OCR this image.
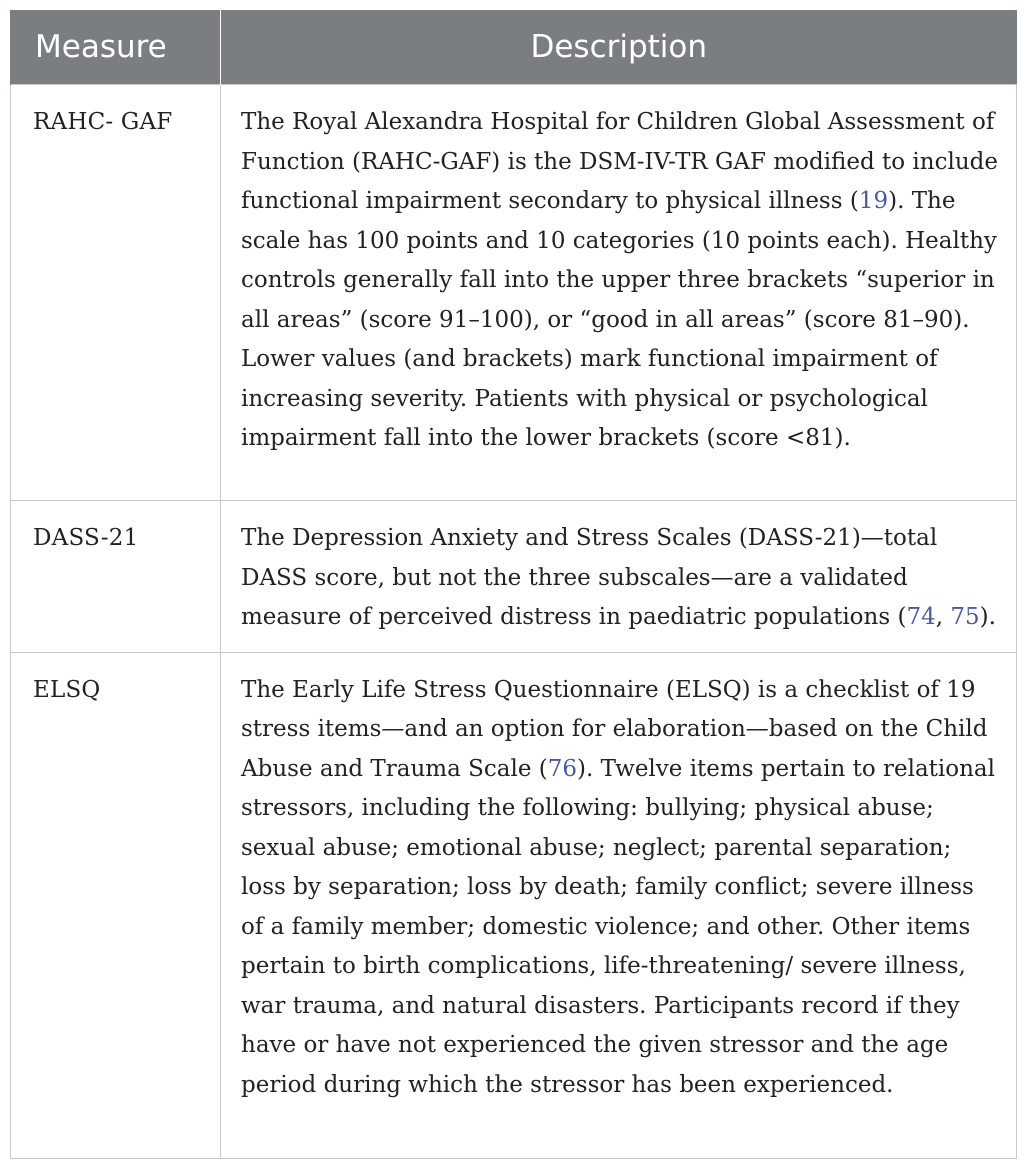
Measure	Description
RAHC- GAF	The Royal Alexandra Hospital for Children Global Assessment of Function (RAHC-GAF) is the DSM-IV-TR GAF modified to include functional impairment secondary to physical illness (19). The scale has 100 points and 10 categories (10 points each). Healthy controls generally fall into the upper three brackets “superior in all areas” (score 91–100), or “good in all areas” (score 81–90). Lower values (and brackets) mark functional impairment of increasing severity. Patients with physical or psychological impairment fall into the lower brackets (score <81).
DASS-21	The Depression Anxiety and Stress Scales (DASS-21)—total DASS score, but not the three subscales—are a validated measure of perceived distress in paediatric populations (74, 75).
ELSQ	The Early Life Stress Questionnaire (ELSQ) is a checklist of 19 stress items—and an option for elaboration—based on the Child Abuse and Trauma Scale (76). Twelve items pertain to relational stressors, including the following: bullying; physical abuse; sexual abuse; emotional abuse; neglect; parental separation; loss by separation; loss by death; family conflict; severe illness of a family member; domestic violence; and other. Other items pertain to birth complications, life-threatening/ severe illness, war trauma, and natural disasters. Participants record if they have or have not experienced the given stressor and the age period during which the stressor has been experienced.
